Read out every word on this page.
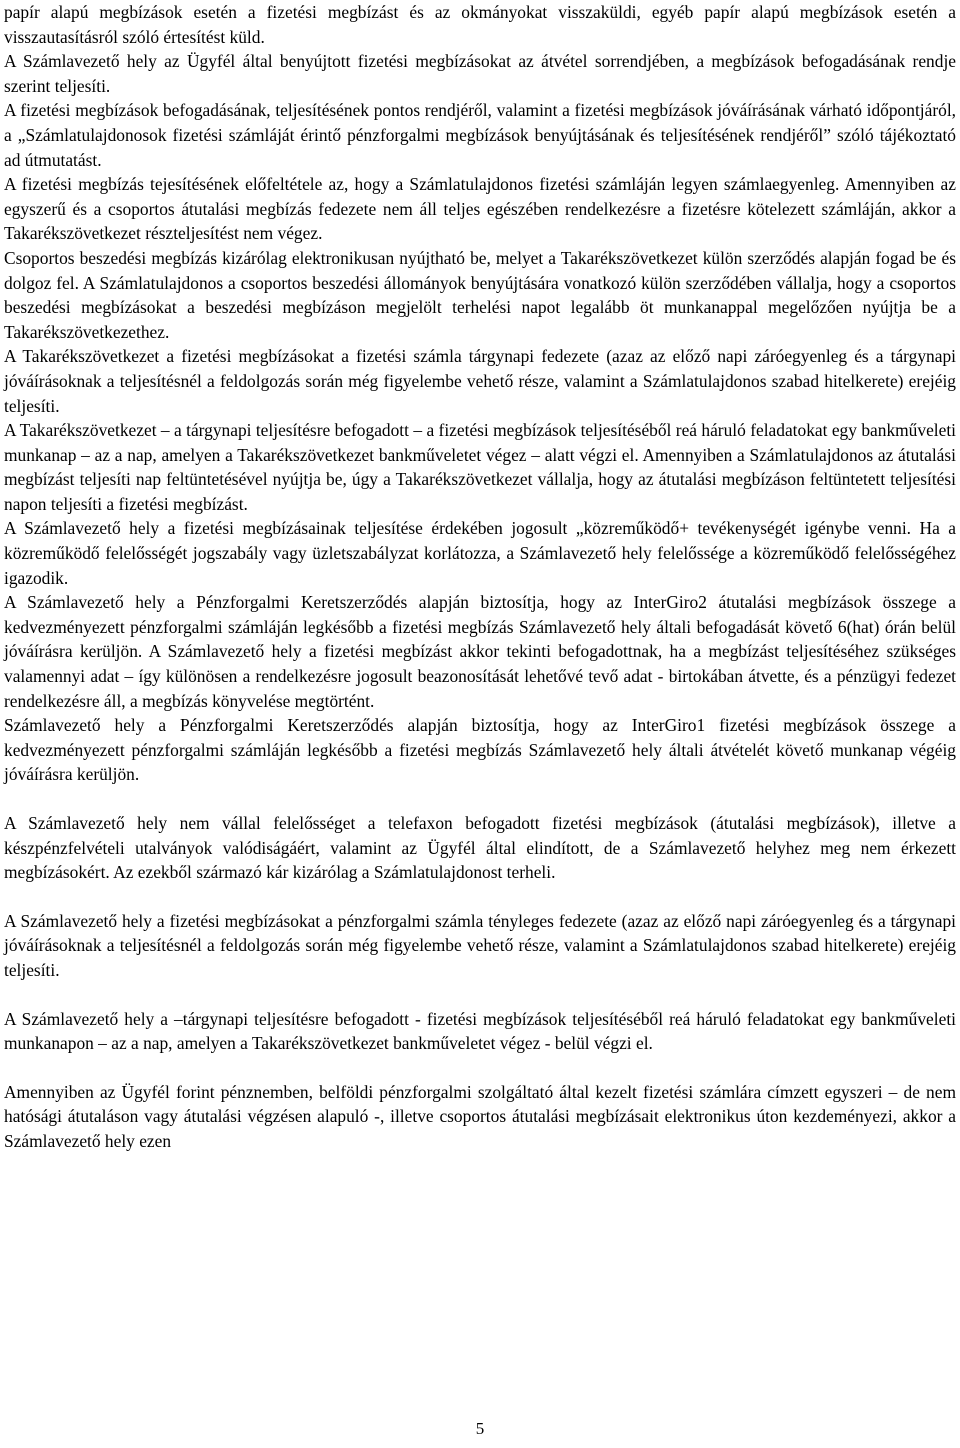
papír alapú megbízások esetén a fizetési megbízást és az okmányokat visszaküldi, egyéb papír alapú megbízások esetén a visszautasításról szóló értesítést küld.

A Számlavezető hely az Ügyfél által benyújtott fizetési megbízásokat az átvétel sorrendjében, a megbízások befogadásának rendje szerint teljesíti.

A fizetési megbízások befogadásának, teljesítésének pontos rendjéről, valamint a fizetési megbízások jóváírásának várható időpontjáról, a „Számlatulajdonosok fizetési számláját érintő pénzforgalmi megbízások benyújtásának és teljesítésének rendjéről” szóló tájékoztató ad útmutatást.

A fizetési megbízás tejesítésének előfeltétele az, hogy a Számlatulajdonos fizetési számláján legyen számlaegyenleg. Amennyiben az egyszerű és a csoportos átutalási megbízás fedezete nem áll teljes egészében rendelkezésre a fizetésre kötelezett számláján, akkor a Takarékszövetkezet részteljesítést nem végez.

Csoportos beszedési megbízás kizárólag elektronikusan nyújtható be, melyet a Takarékszövetkezet külön szerződés alapján fogad be és dolgoz fel. A Számlatulajdonos a csoportos beszedési állományok benyújtására vonatkozó külön szerződében vállalja, hogy a csoportos beszedési megbízásokat a beszedési megbízáson megjelölt terhelési napot legalább öt munkanappal megelőzően nyújtja be a Takarékszövetkezethez.

A Takarékszövetkezet a fizetési megbízásokat a fizetési számla tárgynapi fedezete (azaz az előző napi záróegyenleg és a tárgynapi jóváírásoknak a teljesítésnél a feldolgozás során még figyelembe vehető része, valamint a Számlatulajdonos szabad hitelkerete) erejéig teljesíti.

A Takarékszövetkezet – a tárgynapi teljesítésre befogadott – a fizetési megbízások teljesítéséből reá háruló feladatokat egy bankműveleti munkanap – az a nap, amelyen a Takarékszövetkezet bankműveletet végez – alatt végzi el. Amennyiben a Számlatulajdonos az átutalási megbízást teljesíti nap feltüntetésével nyújtja be, úgy a Takarékszövetkezet vállalja, hogy az átutalási megbízáson feltüntetett teljesítési napon teljesíti a fizetési megbízást.

A Számlavezető hely a fizetési megbízásainak teljesítése érdekében jogosult „közreműködő+ tevékenységét igénybe venni. Ha a közreműködő felelősségét jogszabály vagy üzletszabályzat korlátozza, a Számlavezető hely felelőssége a közreműködő felelősségéhez igazodik.

A Számlavezető hely a Pénzforgalmi Keretszerződés alapján biztosítja, hogy az InterGiro2 átutalási megbízások összege a kedvezményezett pénzforgalmi számláján legkésőbb a fizetési megbízás Számlavezető hely általi befogadását követő 6(hat) órán belül jóváírásra kerüljön. A Számlavezető hely a fizetési megbízást akkor tekinti befogadottnak, ha a megbízást teljesítéséhez szükséges valamennyi adat – így különösen a rendelkezésre jogosult beazonosítását lehetővé tevő adat - birtokában átvette, és a pénzügyi fedezet rendelkezésre áll, a megbízás könyvelése megtörtént.

Számlavezető hely a Pénzforgalmi Keretszerződés alapján biztosítja, hogy az InterGiro1 fizetési megbízások összege a kedvezményezett pénzforgalmi számláján legkésőbb a fizetési megbízás Számlavezető hely általi átvételét követő munkanap végéig jóváírásra kerüljön.

A Számlavezető hely nem vállal felelősséget a telefaxon befogadott fizetési megbízások (átutalási megbízások), illetve a készpénzfelvételi utalványok valódiságáért, valamint az Ügyfél által elindított, de a Számlavezető helyhez meg nem érkezett megbízásokért. Az ezekből származó kár kizárólag a Számlatulajdonost terheli.

A Számlavezető hely a fizetési megbízásokat a pénzforgalmi számla tényleges fedezete (azaz az előző napi záróegyenleg és a tárgynapi jóváírásoknak a teljesítésnél a feldolgozás során még figyelembe vehető része, valamint a Számlatulajdonos szabad hitelkerete) erejéig teljesíti.

A Számlavezető hely a –tárgynapi teljesítésre befogadott - fizetési megbízások teljesítéséből reá háruló feladatokat egy bankműveleti munkanapon – az a nap, amelyen a Takarékszövetkezet bankműveletet végez - belül végzi el.

Amennyiben az Ügyfél forint pénznemben, belföldi pénzforgalmi szolgáltató által kezelt fizetési számlára címzett egyszeri – de nem hatósági átutaláson vagy átutalási végzésen alapuló -, illetve csoportos átutalási megbízásait elektronikus úton kezdeményezi, akkor a Számlavezető hely ezen

5
